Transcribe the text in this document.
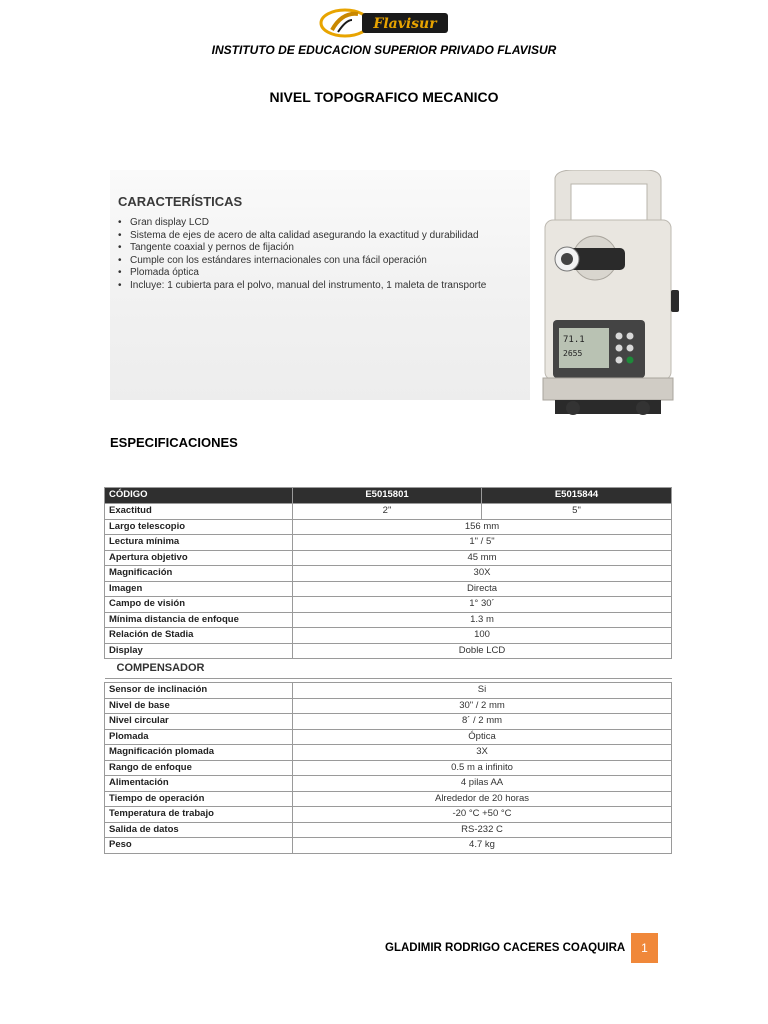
Flavisur
INSTITUTO DE EDUCACION SUPERIOR PRIVADO FLAVISUR
NIVEL TOPOGRAFICO MECANICO
CARACTERÍSTICAS
• Gran display LCD
• Sistema de ejes de acero de alta calidad asegurando la exactitud y durabilidad
• Tangente coaxial y pernos de fijación
• Cumple con los estándares internacionales con una fácil operación
• Plomada óptica
• Incluye: 1 cubierta para el polvo, manual del instrumento, 1 maleta de transporte
71.1
2655
ESPECIFICACIONES
CÓDIGO	E5015801	E5015844
Exactitud	2"	5"
Largo telescopio	156 mm	
Lectura mínima	1" / 5"	
Apertura objetivo	45 mm	
Magnificación	30X	
Imagen	Directa	
Campo de visión	1° 30´	
Mínima distancia de enfoque	1.3 m	
Relación de Stadia	100	
Display	Doble LCD	
COMPENSADOR		

Sensor de inclinación	Si	
Nivel de base	30" / 2 mm	
Nivel circular	8´ / 2 mm	
Plomada	Óptica	
Magnificación plomada	3X	
Rango de enfoque	0.5 m a infinito	
Alimentación	4 pilas AA	
Tiempo de operación	Alrededor de 20 horas	
Temperatura de trabajo	-20 °C +50 °C	
Salida de datos	RS-232 C	
Peso	4.7 kg	
GLADIMIR RODRIGO CACERES COAQUIRA	1
